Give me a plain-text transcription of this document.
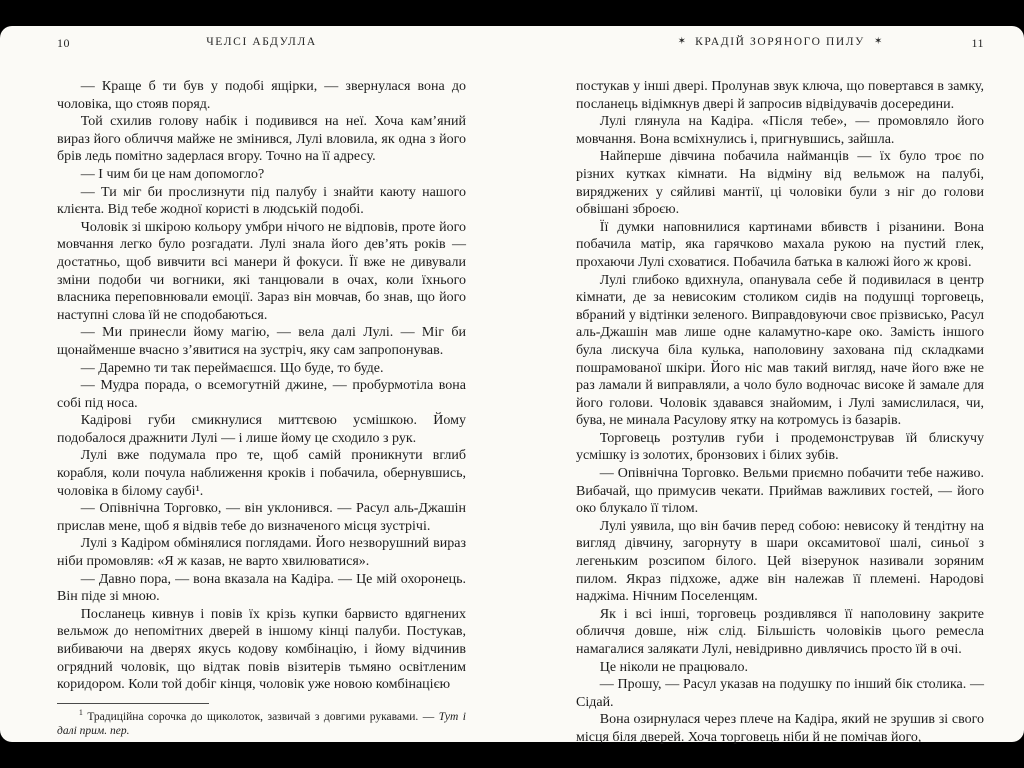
10	ЧЕЛСІ АБДУЛЛА

— Краще б ти був у подобі ящірки, — звернулася вона до чоловіка, що стояв поряд.

Той схилив голову набік і подивився на неї. Хоча кам’яний вираз його обличчя майже не змінився, Лулі вловила, як одна з його брів ледь помітно задерлася вгору. Точно на її адресу.

— І чим би це нам допомогло?

— Ти міг би прослизнути під палубу і знайти каюту нашого клієнта. Від тебе жодної користі в людській подобі.

Чоловік зі шкірою кольору умбри нічого не відповів, проте його мовчання легко було розгадати. Лулі знала його дев’ять років — достатньо, щоб вивчити всі манери й фокуси. Її вже не дивували зміни подоби чи вогники, які танцювали в очах, коли їхнього власника переповнювали емоції. Зараз він мовчав, бо знав, що його наступні слова їй не сподобаються.

— Ми принесли йому магію, — вела далі Лулі. — Міг би щонайменше вчасно з’явитися на зустріч, яку сам запропонував.

— Даремно ти так переймаєшся. Що буде, то буде.

— Мудра порада, о всемогутній джине, — пробурмотіла вона собі під носа.

Кадірові губи смикнулися миттєвою усмішкою. Йому подобалося дражнити Лулі — і лише йому це сходило з рук.

Лулі вже подумала про те, щоб самій проникнути вглиб корабля, коли почула наближення кроків і побачила, обернувшись, чоловіка в білому саубі¹.

— Опівнічна Торговко, — він уклонився. — Расул аль-Джашін прислав мене, щоб я відвів тебе до визначеного місця зустрічі.

Лулі з Кадіром обмінялися поглядами. Його незворушний вираз ніби промовляв: «Я ж казав, не варто хвилюватися».

— Давно пора, — вона вказала на Кадіра. — Це мій охоронець. Він піде зі мною.

Посланець кивнув і повів їх крізь купки барвисто вдягнених вельмож до непомітних дверей в іншому кінці палуби. Постукав, вибиваючи на дверях якусь кодову комбінацію, і йому відчинив огрядний чоловік, що відтак повів візитерів тьмяно освітленим коридором. Коли той добіг кінця, чоловік уже новою комбінацією

$^1$ Традиційна сорочка до щиколоток, зазвичай з довгими рукавами. — Тут і далі прим. пер.

✶ КРАДІЙ ЗОРЯНОГО ПИЛУ ✶	11

постукав у інші двері. Пролунав звук ключа, що повертався в замку, посланець відімкнув двері й запросив відвідувачів досередини.

Лулі глянула на Кадіра. «Після тебе», — промовляло його мовчання. Вона всміхнулись і, пригнувшись, зайшла.

Найперше дівчина побачила найманців — їх було троє по різних кутках кімнати. На відміну від вельмож на палубі, виряджених у сяйливі мантії, ці чоловіки були з ніг до голови обвішані зброєю.

Її думки наповнилися картинами вбивств і різанини. Вона побачила матір, яка гарячково махала рукою на пустий глек, прохаючи Лулі сховатися. Побачила батька в калюжі його ж крові.

Лулі глибоко вдихнула, опанувала себе й подивилася в центр кімнати, де за невисоким столиком сидів на подушці торговець, вбраний у відтінки зеленого. Виправдовуючи своє прізвисько, Расул аль-Джашін мав лише одне каламутно-каре око. Замість іншого була лискуча біла кулька, наполовину захована під складками пошрамованої шкіри. Його ніс мав такий вигляд, наче його вже не раз ламали й виправляли, а чоло було водночас високе й замале для його голови. Чоловік здавався знайомим, і Лулі замислилася, чи, бува, не минала Расулову ятку на котромусь із базарів.

Торговець розтулив губи і продемонстрував їй блискучу усмішку із золотих, бронзових і білих зубів.

— Опівнічна Торговко. Вельми приємно побачити тебе наживо. Вибачай, що примусив чекати. Приймав важливих гостей, — його око блукало її тілом.

Лулі уявила, що він бачив перед собою: невисоку й тендітну на вигляд дівчину, загорнуту в шари оксамитової шалі, синьої з легеньким розсипом білого. Цей візерунок називали зоряним пилом. Якраз підхоже, адже він належав її племені. Народові наджіма. Нічним Поселенцям.

Як і всі інші, торговець роздивлявся її наполовину закрите обличчя довше, ніж слід. Більшість чоловіків цього ремесла намагалися залякати Лулі, невідривно дивлячись просто їй в очі.

Це ніколи не працювало.

— Прошу, — Расул указав на подушку по інший бік столика. — Сідай.

Вона озирнулася через плече на Кадіра, який не зрушив зі свого місця біля дверей. Хоча торговець ніби й не помічав його,
